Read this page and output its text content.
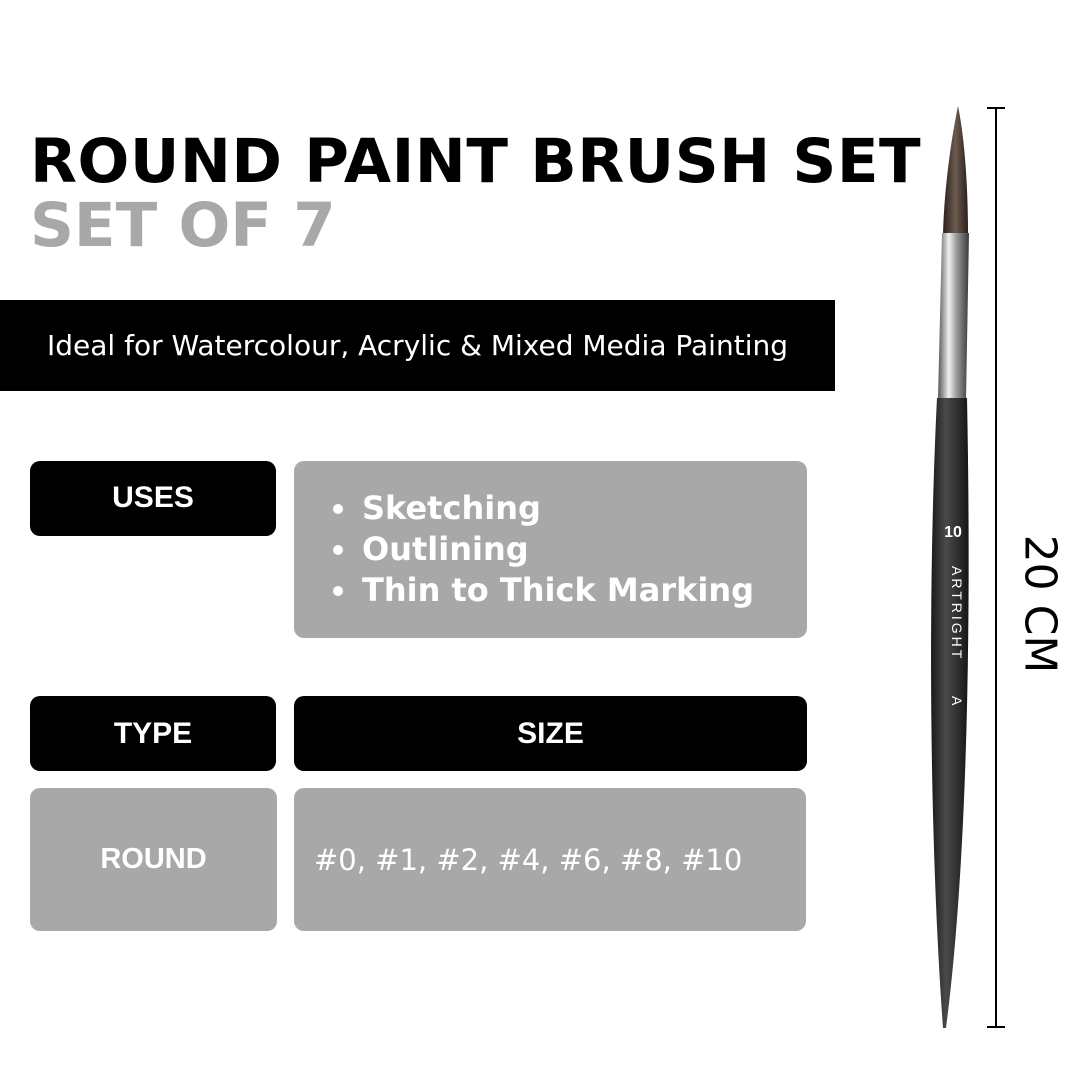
ROUND PAINT BRUSH SET
SET OF 7
Ideal for Watercolour, Acrylic & Mixed Media Painting
USES	Sketching
Outlining
Thin to Thick Marking
TYPE	SIZE
ROUND	#0, #1, #2, #4, #6, #8, #10
10
ARTRIGHT
A
20 CM
